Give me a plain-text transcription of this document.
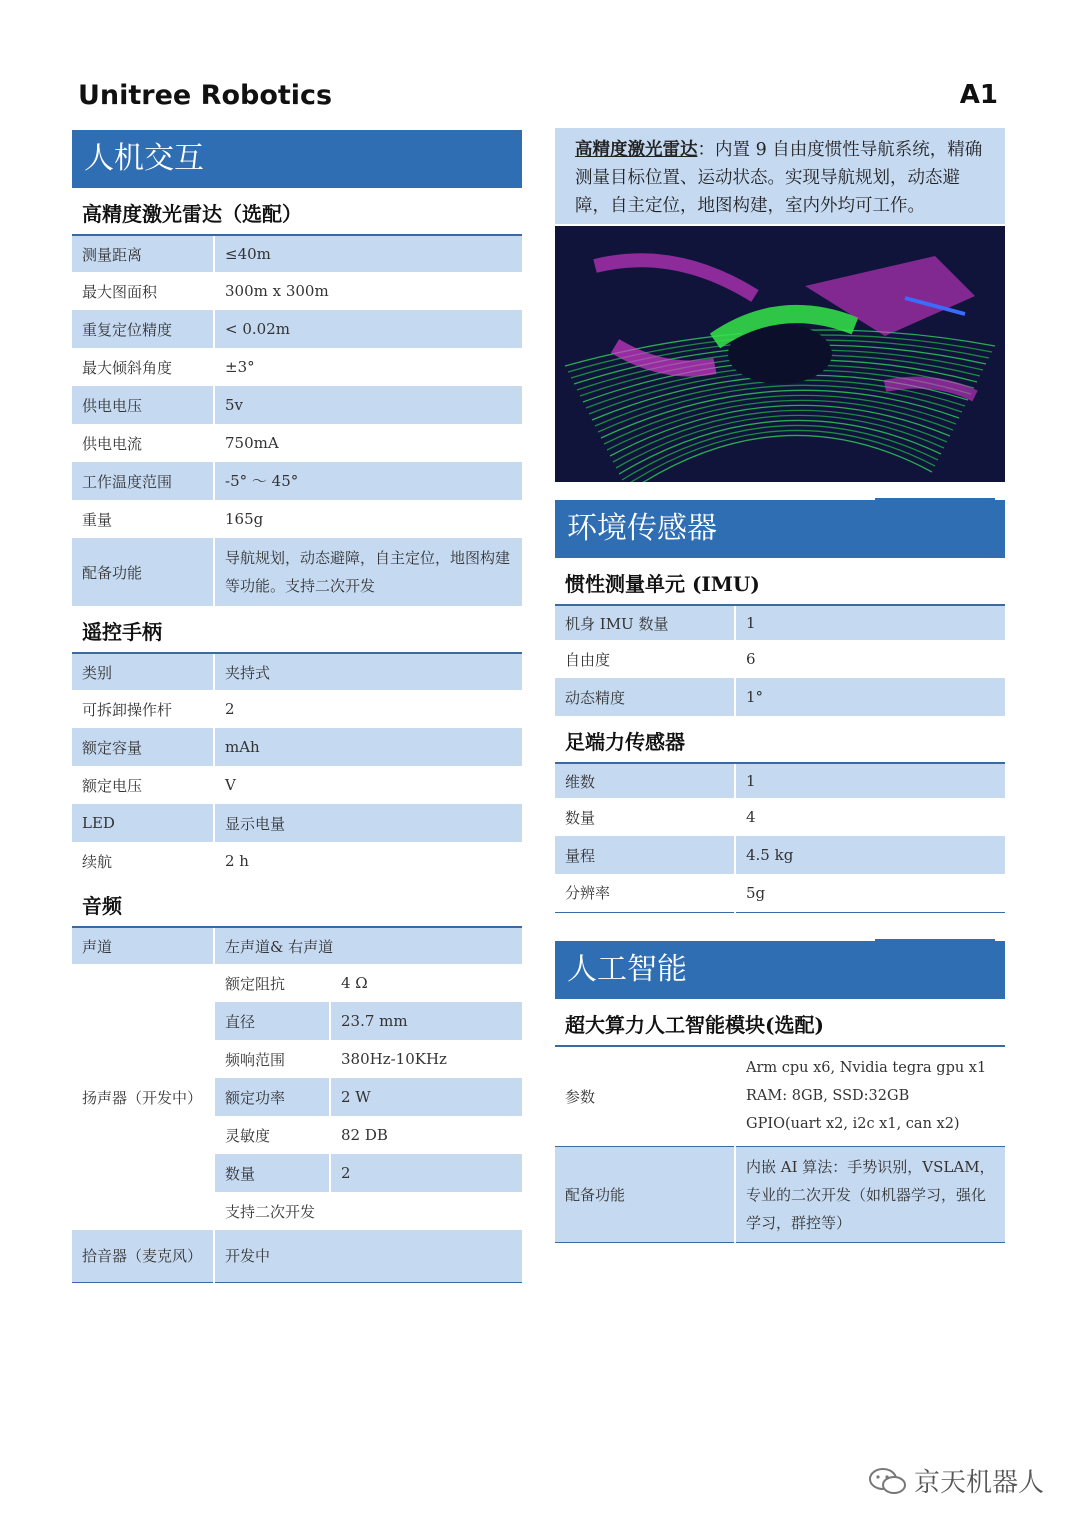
Unitree Robotics	A1
人机交互
高精度激光雷达（选配）
测量距离	≤40m
最大图面积	300m x 300m
重复定位精度	< 0.02m
最大倾斜角度	±3°
供电电压	5v
供电电流	750mA
工作温度范围	-5° ～ 45°
重量	165g
配备功能	导航规划，动态避障，自主定位，地图构建等功能。支持二次开发
遥控手柄
类别	夹持式
可拆卸操作杆	2
额定容量	mAh
额定电压	V
LED	显示电量
续航	2 h
音频
声道	左声道& 右声道	
扬声器（开发中）	额定阻抗	4 Ω
	直径	23.7 mm
	频响范围	380Hz-10KHz
	额定功率	2 W
	灵敏度	82 DB
	数量	2
	支持二次开发	
拾音器（麦克风）	开发中	
高精度激光雷达：内置 9 自由度惯性导航系统，精确测量目标位置、运动状态。实现导航规划，动态避障，自主定位，地图构建，室内外均可工作。
环境传感器
惯性测量单元 (IMU)
机身 IMU 数量	1
自由度	6
动态精度	1°
足端力传感器
维数	1
数量	4
量程	4.5 kg
分辨率	5g
人工智能
超大算力人工智能模块(选配)
参数	Arm cpu x6, Nvidia tegra gpu x1
RAM: 8GB, SSD:32GB
GPIO(uart x2, i2c x1, can x2)

配备功能	内嵌 AI 算法：手势识别，VSLAM，专业的二次开发（如机器学习，强化学习，群控等）
京天机器人
